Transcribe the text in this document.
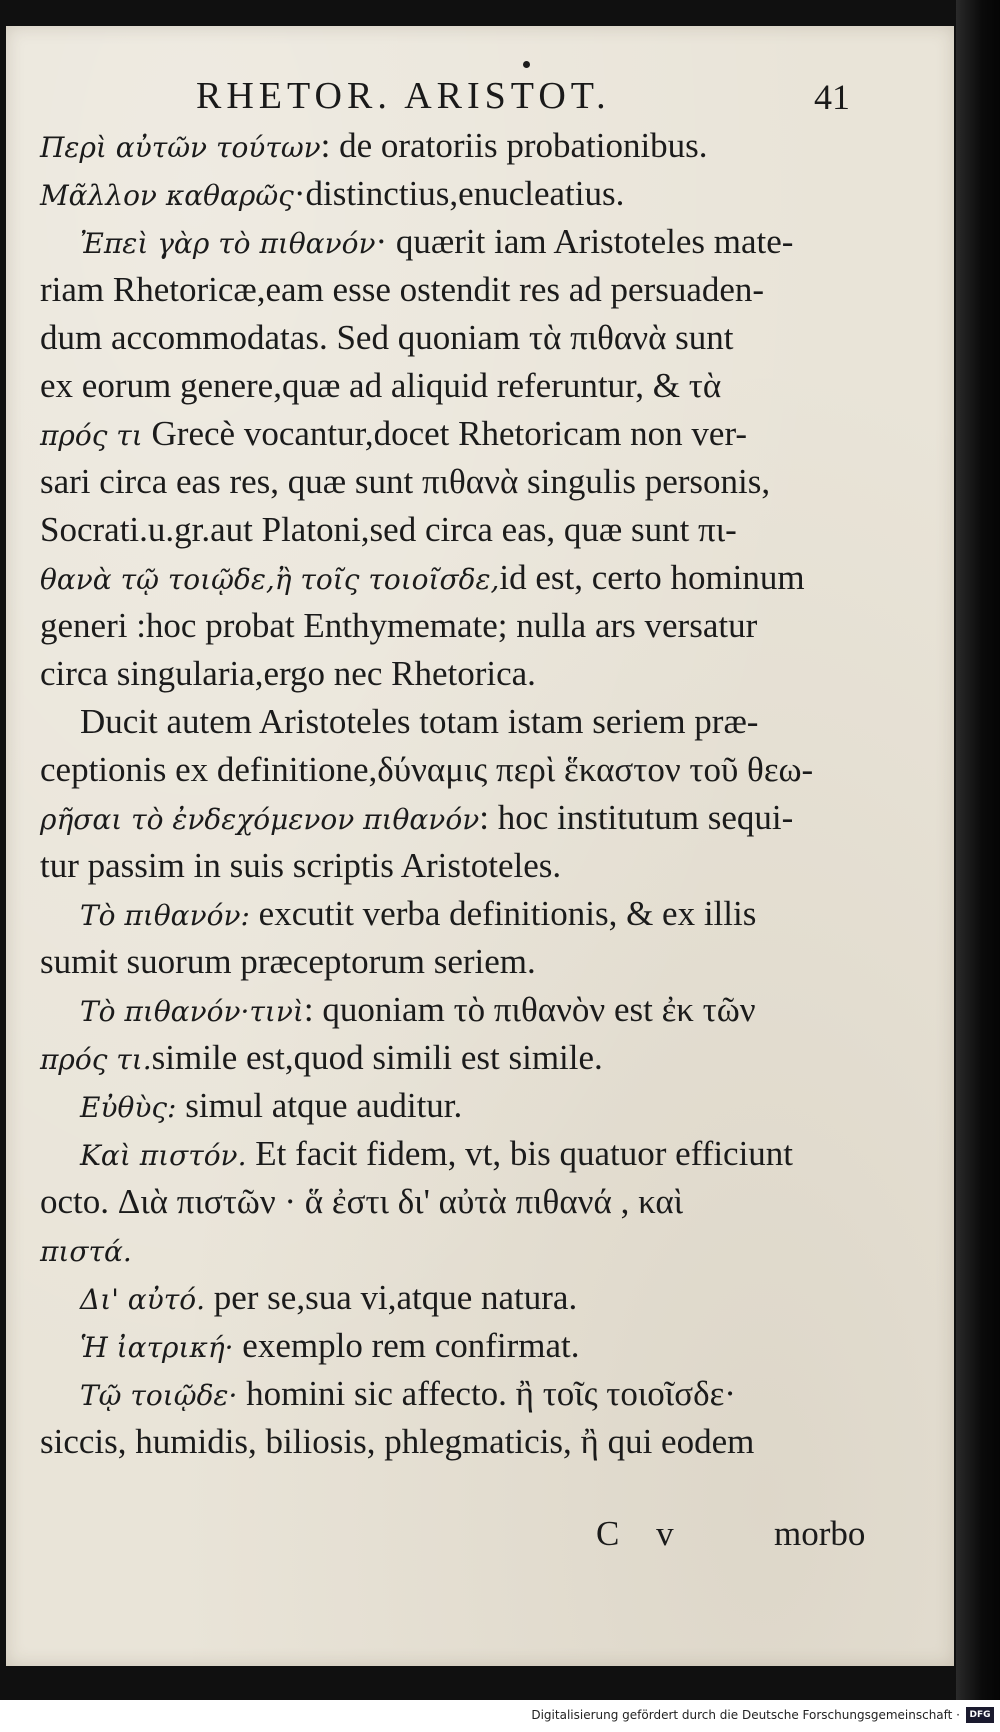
RHETOR. ARISTOT.	41
Περὶ αὐτῶν τούτων: de oratoriis probationibus.
Μᾶλλον καθαρῶς·distinctius,enucleatius.
Ἐπεὶ γὰρ τὸ πιθανόν· quærit iam Aristoteles mate-
riam Rhetoricæ,eam esse ostendit res ad persuaden-
dum accommodatas. Sed quoniam τὰ πιθανὰ sunt
ex eorum genere,quæ ad aliquid referuntur, & τὰ
πρός τι Grecè vocantur,docet Rhetoricam non ver-
sari circa eas res, quæ sunt πιθανὰ singulis personis,
Socrati.u.gr.aut Platoni,sed circa eas, quæ sunt πι-
θανὰ τῷ τοιῷδε,ἢ τοῖς τοιοῖσδε,id est, certo hominum
generi :hoc probat Enthymemate; nulla ars versatur
circa singularia,ergo nec Rhetorica.
Ducit autem Aristoteles totam istam seriem præ-
ceptionis ex definitione,δύναμις περὶ ἕκαστον τοῦ θεω-
ρῆσαι τὸ ἐνδεχόμενον πιθανόν: hoc institutum sequi-
tur passim in suis scriptis Aristoteles.
Τὸ πιθανόν: excutit verba definitionis, & ex illis
sumit suorum præceptorum seriem.
Τὸ πιθανόν·τινὶ: quoniam τὸ πιθανὸν est ἐκ τῶν
πρός τι.simile est,quod simili est simile.
Εὐθὺς: simul atque auditur.
Καὶ πιστόν. Et facit fidem, vt, bis quatuor efficiunt
octo. Διὰ πιστῶν · ἅ ἐστι δι' αὐτὰ πιθανά , καὶ
πιστά.
Δι' αὐτό. per se,sua vi,atque natura.
Ἡ ἰατρική· exemplo rem confirmat.
Τῷ τοιῷδε· homini sic affecto. ἢ τοῖς τοιοῖσδε·
siccis, humidis, biliosis, phlegmaticis, ἢ qui eodem
C v morbo
Digitalisierung gefördert durch die Deutsche Forschungsgemeinschaft ·	DFG
